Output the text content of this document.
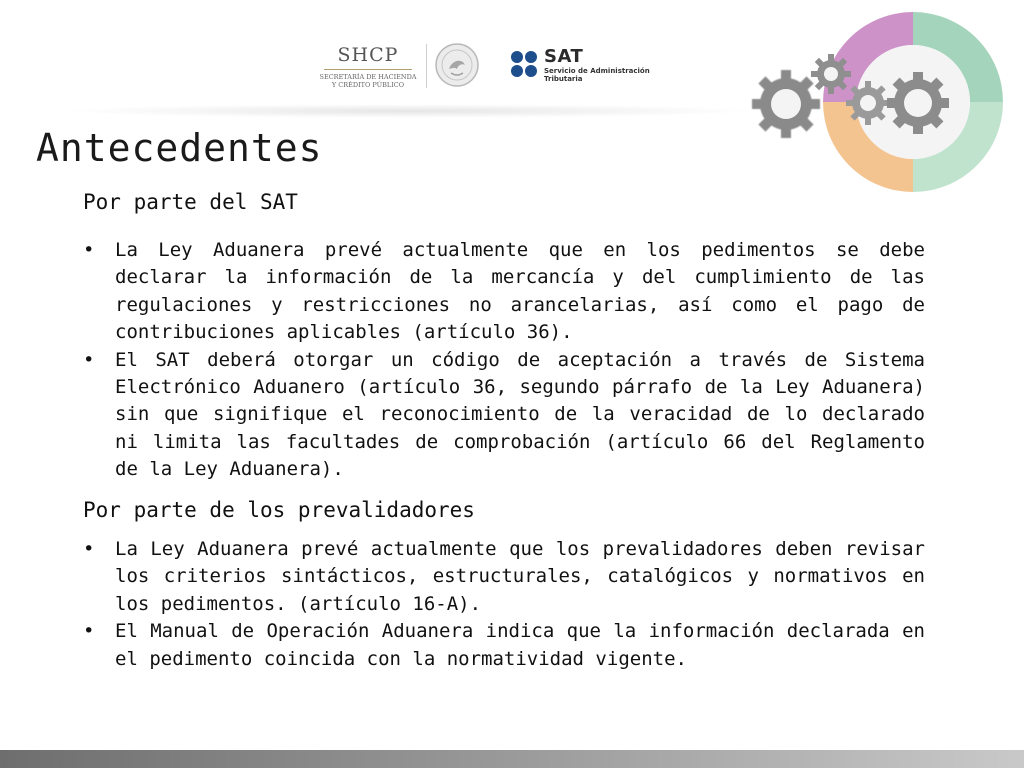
SHCP
SECRETARÍA DE HACIENDA
Y CRÉDITO PÚBLICO
SAT
Servicio de Administración Tributaria
Antecedentes
Por parte del SAT
• La Ley Aduanera prevé actualmente que en los pedimentos se debe declarar la información de la mercancía y del cumplimiento de las regulaciones y restricciones no arancelarias, así como el pago de contribuciones aplicables (artículo 36).
• El SAT deberá otorgar un código de aceptación a través de Sistema Electrónico Aduanero (artículo 36, segundo párrafo de la Ley Aduanera) sin que signifique el reconocimiento de la veracidad de lo declarado ni limita las facultades de comprobación (artículo 66 del Reglamento de la Ley Aduanera).
Por parte de los prevalidadores
• La Ley Aduanera prevé actualmente que los prevalidadores deben revisar los criterios sintácticos, estructurales, catalógicos y normativos en los pedimentos. (artículo 16-A).
• El Manual de Operación Aduanera indica que la información declarada en el pedimento coincida con la normatividad vigente.
